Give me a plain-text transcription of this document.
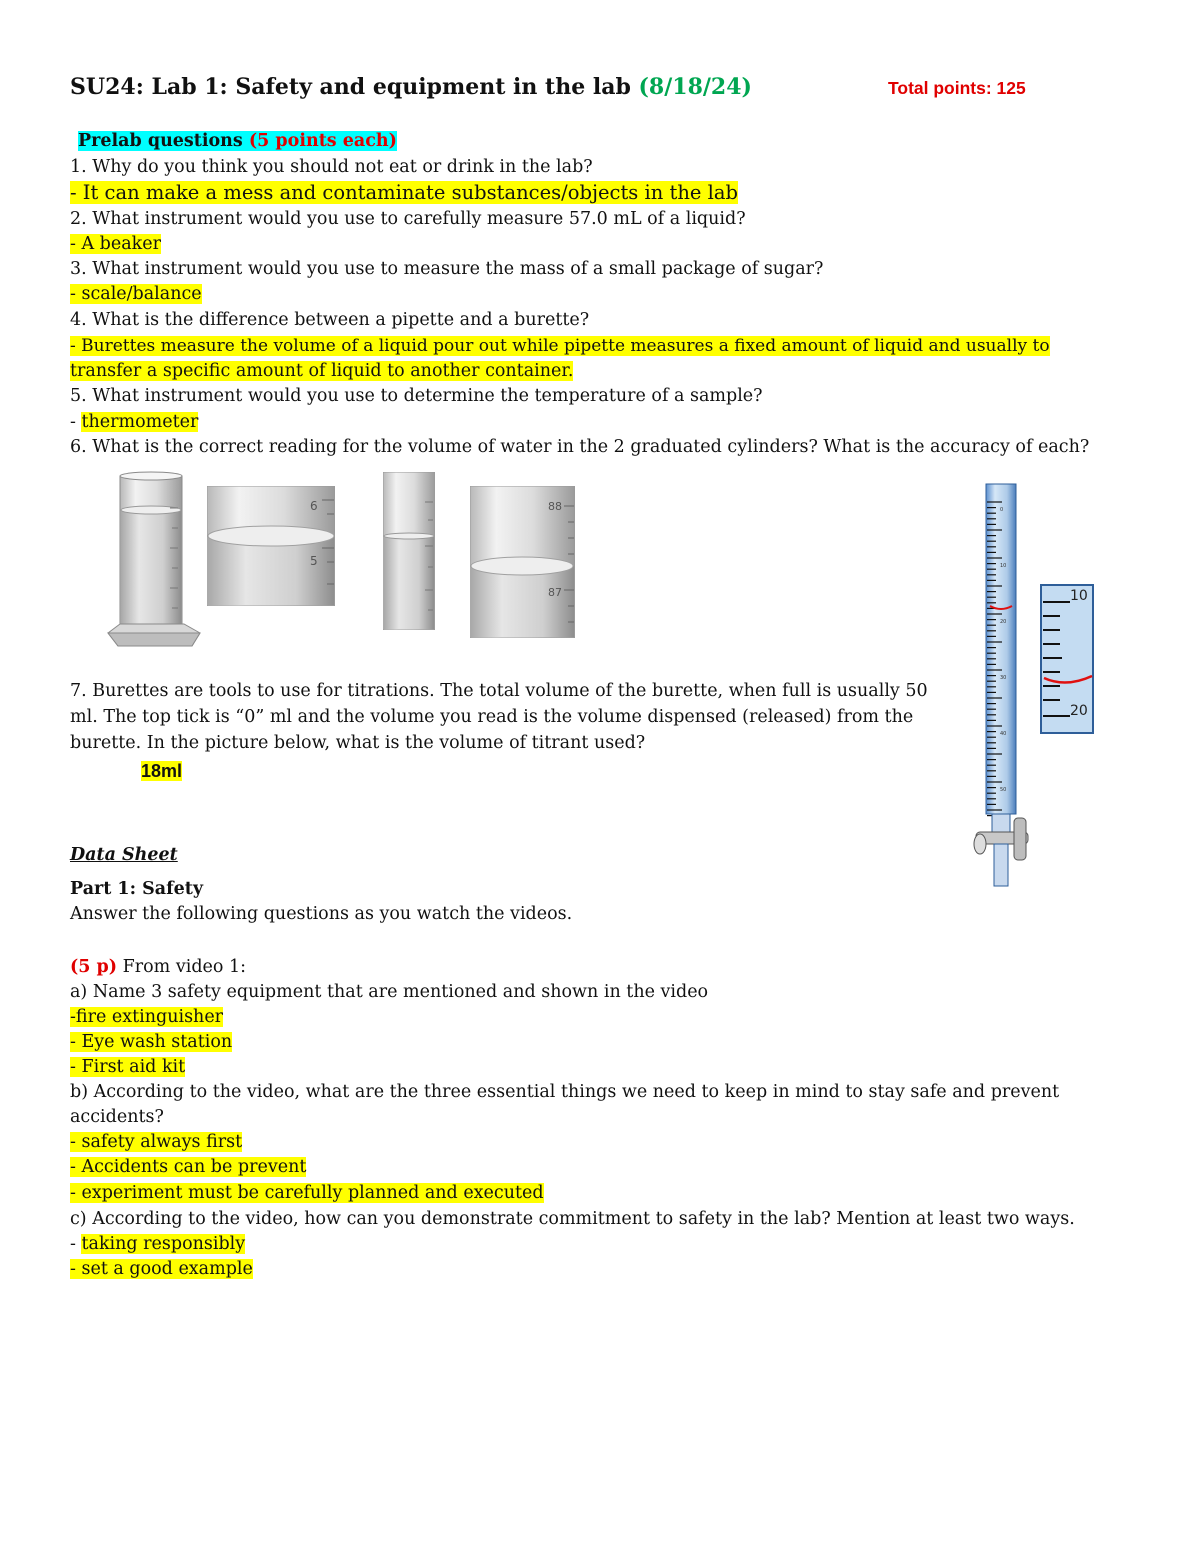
SU24: Lab 1: Safety and equipment in the lab (8/18/24)	Total points: 125
Prelab questions (5 points each)
1. Why do you think you should not eat or drink in the lab?
- It can make a mess and contaminate substances/objects in the lab
2. What instrument would you use to carefully measure 57.0 mL of a liquid?
- A beaker
3. What instrument would you use to measure the mass of a small package of sugar?
- scale/balance
4. What is the difference between a pipette and a burette?
- Burettes measure the volume of a liquid pour out while pipette measures a fixed amount of liquid and usually to
transfer a specific amount of liquid to another container.
5. What instrument would you use to determine the temperature of a sample?
- thermometer
6. What is the correct reading for the volume of water in the 2 graduated cylinders? What is the accuracy of each?
6
5
88
87
0
10
20
30
40
50
10
20
7. Burettes are tools to use for titrations. The total volume of the burette, when full is usually 50
ml. The top tick is “0” ml and the volume you read is the volume dispensed (released) from the
burette. In the picture below, what is the volume of titrant used?
18ml
Data Sheet
Part 1: Safety
Answer the following questions as you watch the videos.
(5 p) From video 1:
a) Name 3 safety equipment that are mentioned and shown in the video
-fire extinguisher
- Eye wash station
- First aid kit
b) According to the video, what are the three essential things we need to keep in mind to stay safe and prevent
accidents?
- safety always first
- Accidents can be prevent
- experiment must be carefully planned and executed
c) According to the video, how can you demonstrate commitment to safety in the lab? Mention at least two ways.
- taking responsibly
- set a good example
